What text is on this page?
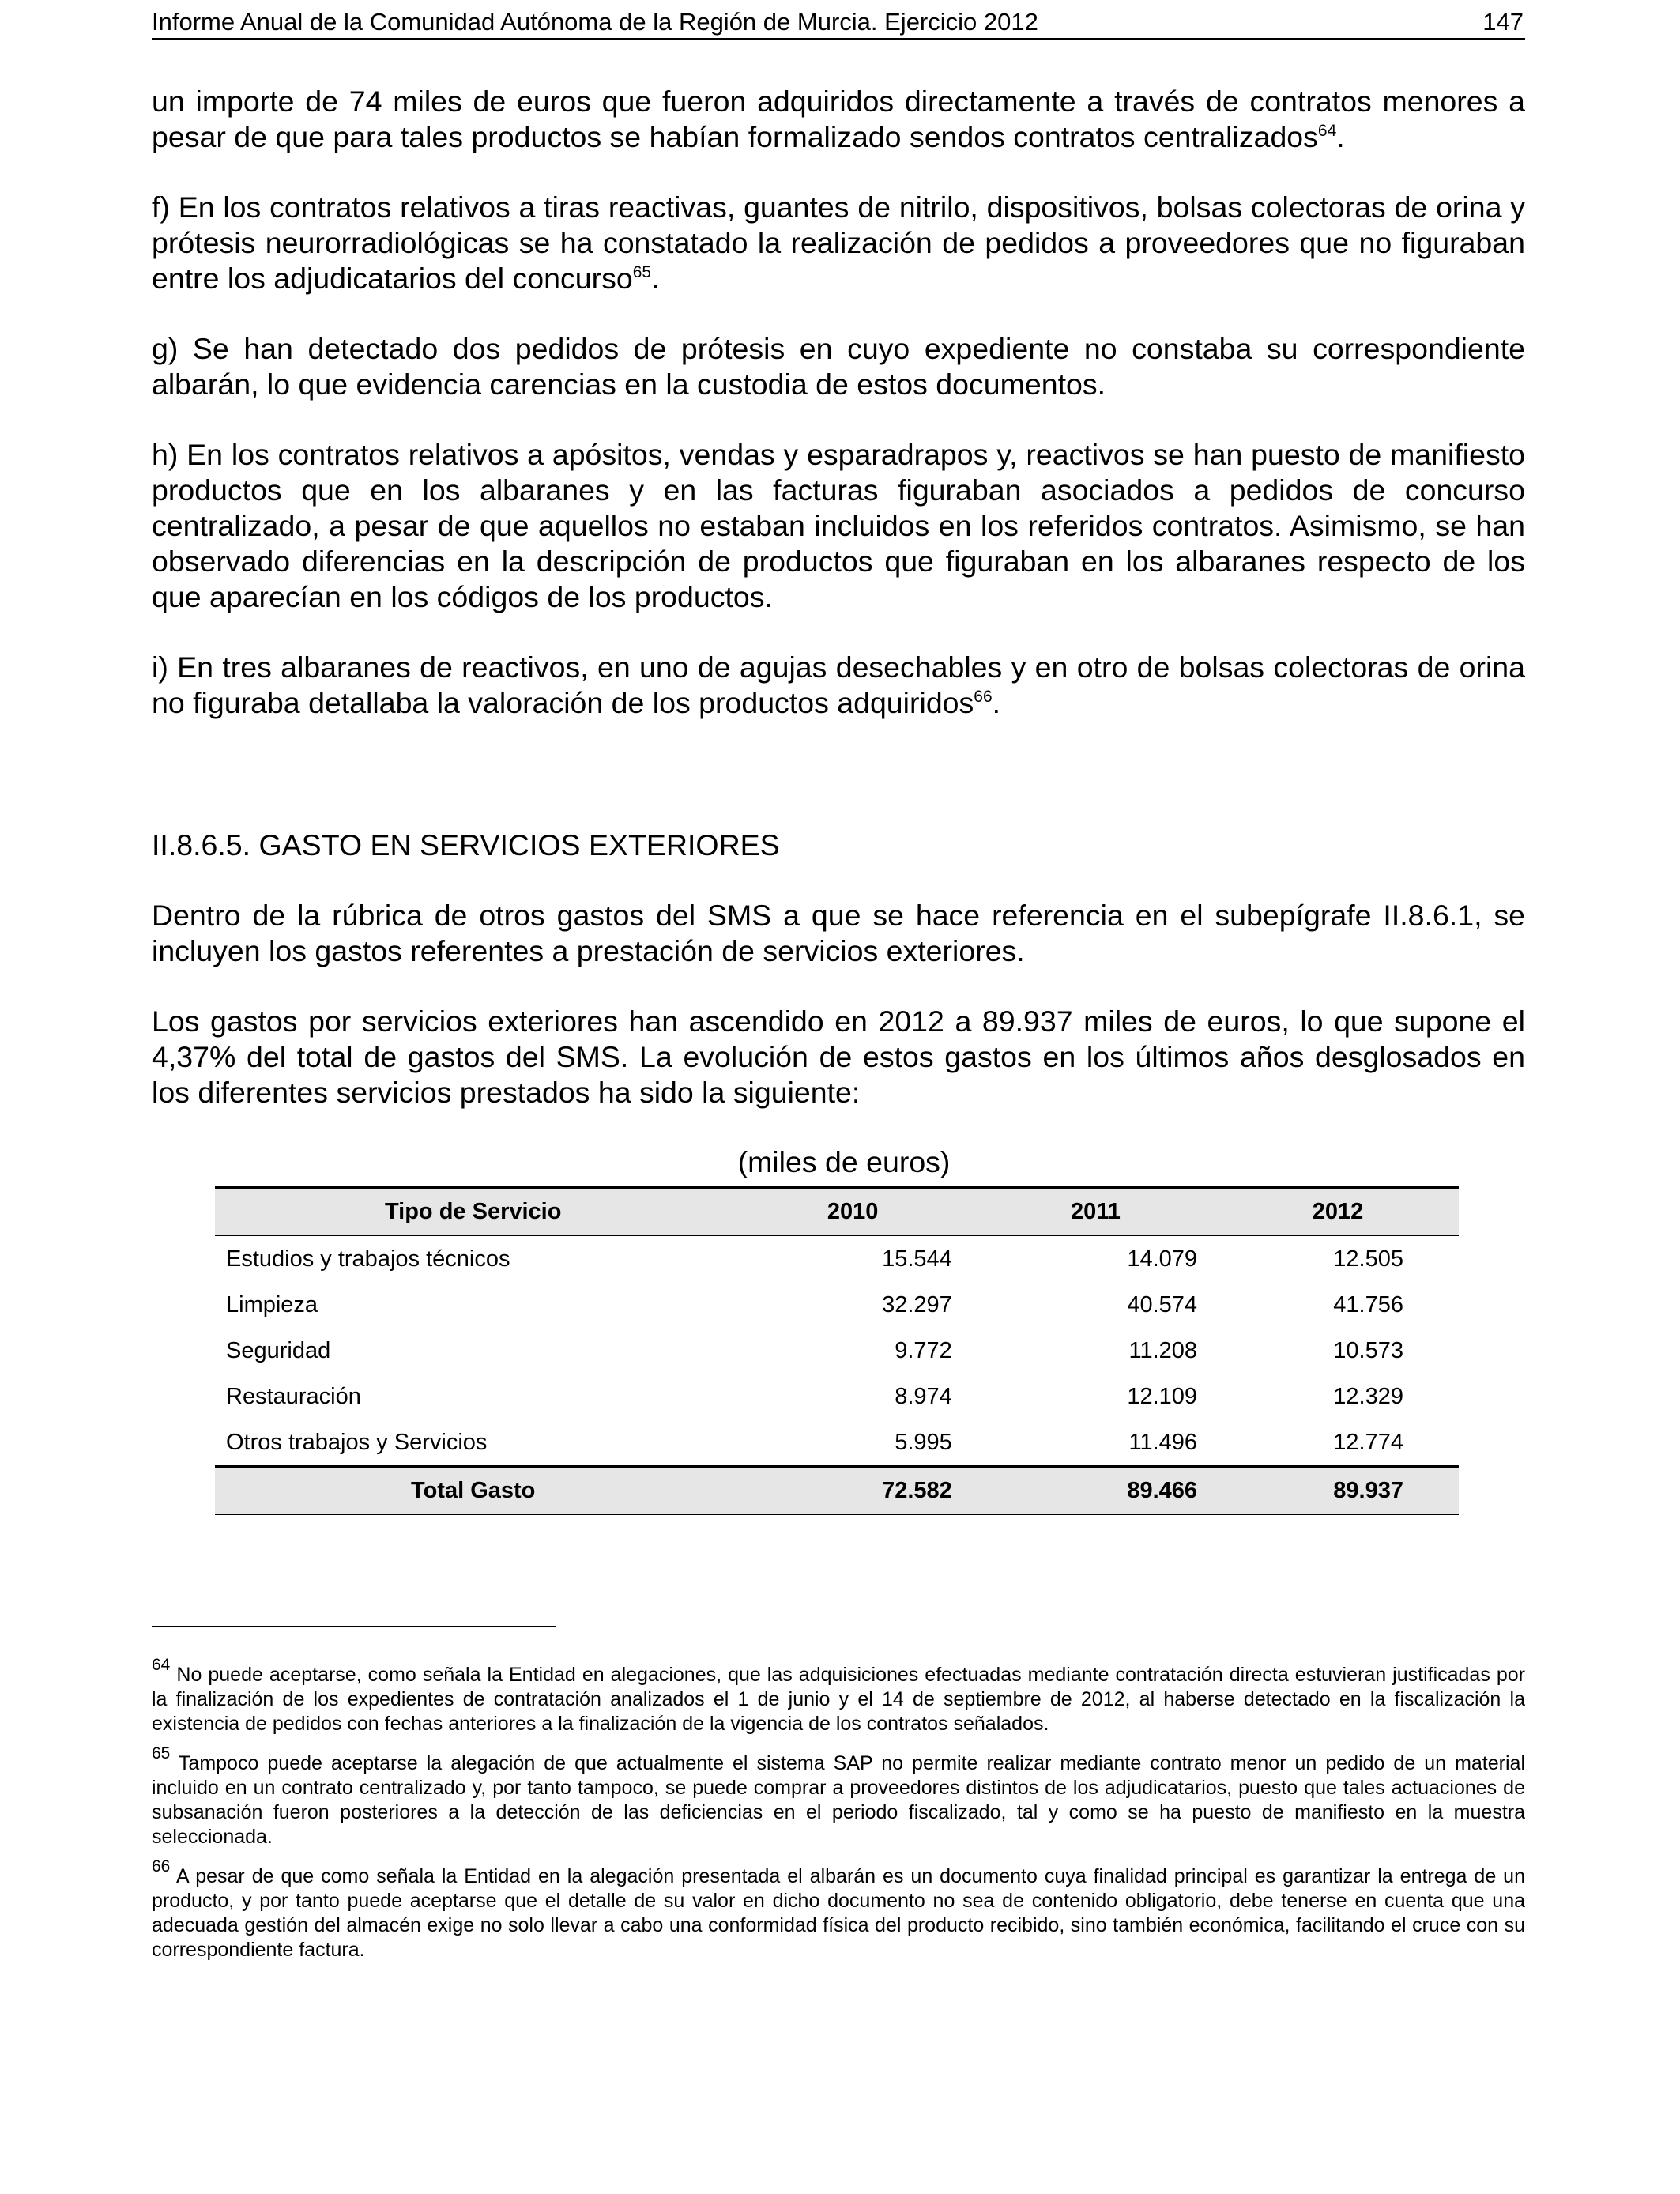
Informe Anual de la Comunidad Autónoma de la Región de Murcia. Ejercicio 2012	147

un importe de 74 miles de euros que fueron adquiridos directamente a través de contratos menores a pesar de que para tales productos se habían formalizado sendos contratos centralizados$^{64}$.

f) En los contratos relativos a tiras reactivas, guantes de nitrilo, dispositivos, bolsas colectoras de orina y prótesis neurorradiológicas se ha constatado la realización de pedidos a proveedores que no figuraban entre los adjudicatarios del concurso$^{65}$.

g) Se han detectado dos pedidos de prótesis en cuyo expediente no constaba su correspondiente albarán, lo que evidencia carencias en la custodia de estos documentos.

h) En los contratos relativos a apósitos, vendas y esparadrapos y, reactivos se han puesto de manifiesto productos que en los albaranes y en las facturas figuraban asociados a pedidos de concurso centralizado, a pesar de que aquellos no estaban incluidos en los referidos contratos. Asimismo, se han observado diferencias en la descripción de productos que figuraban en los albaranes respecto de los que aparecían en los códigos de los productos.

i) En tres albaranes de reactivos, en uno de agujas desechables y en otro de bolsas colectoras de orina no figuraba detallaba la valoración de los productos adquiridos$^{66}$.

II.8.6.5. GASTO EN SERVICIOS EXTERIORES

Dentro de la rúbrica de otros gastos del SMS a que se hace referencia en el subepígrafe II.8.6.1, se incluyen los gastos referentes a prestación de servicios exteriores.

Los gastos por servicios exteriores han ascendido en 2012 a 89.937 miles de euros, lo que supone el 4,37% del total de gastos del SMS. La evolución de estos gastos en los últimos años desglosados en los diferentes servicios prestados ha sido la siguiente:

(miles de euros)

Tipo de Servicio	2010	2011	2012
Estudios y trabajos técnicos	15.544	14.079	12.505
Limpieza	32.297	40.574	41.756
Seguridad	9.772	11.208	10.573
Restauración	8.974	12.109	12.329
Otros trabajos y Servicios	5.995	11.496	12.774
Total Gasto	72.582	89.466	89.937

$^{64}$ No puede aceptarse, como señala la Entidad en alegaciones, que las adquisiciones efectuadas mediante contratación directa estuvieran justificadas por la finalización de los expedientes de contratación analizados el 1 de junio y el 14 de septiembre de 2012, al haberse detectado en la fiscalización la existencia de pedidos con fechas anteriores a la finalización de la vigencia de los contratos señalados.

$^{65}$ Tampoco puede aceptarse la alegación de que actualmente el sistema SAP no permite realizar mediante contrato menor un pedido de un material incluido en un contrato centralizado y, por tanto tampoco, se puede comprar a proveedores distintos de los adjudicatarios, puesto que tales actuaciones de subsanación fueron posteriores a la detección de las deficiencias en el periodo fiscalizado, tal y como se ha puesto de manifiesto en la muestra seleccionada.

$^{66}$ A pesar de que como señala la Entidad en la alegación presentada el albarán es un documento cuya finalidad principal es garantizar la entrega de un producto, y por tanto puede aceptarse que el detalle de su valor en dicho documento no sea de contenido obligatorio, debe tenerse en cuenta que una adecuada gestión del almacén exige no solo llevar a cabo una conformidad física del producto recibido, sino también económica, facilitando el cruce con su correspondiente factura.
